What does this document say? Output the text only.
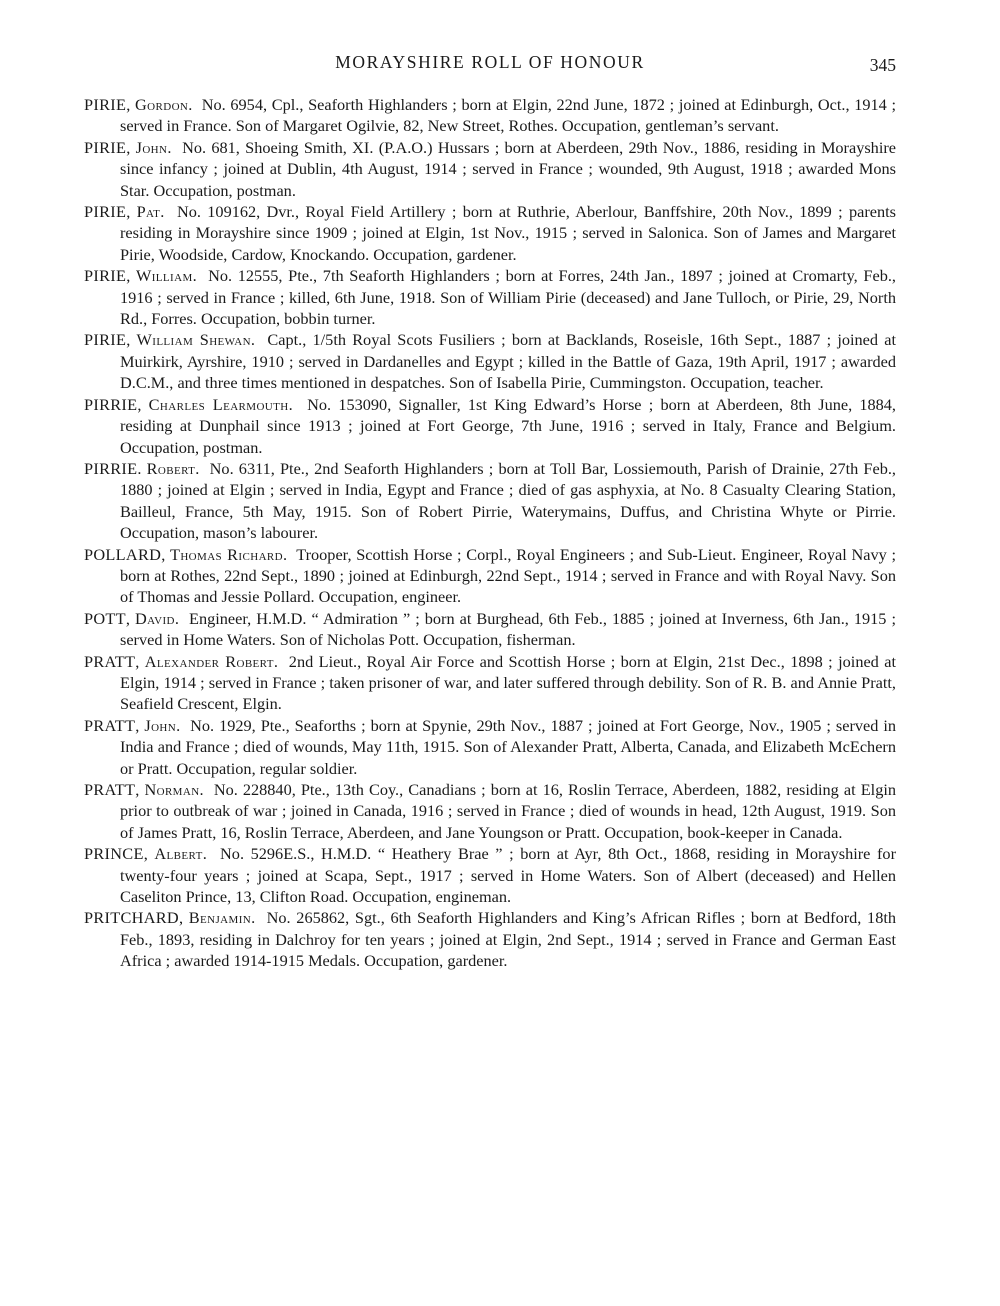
MORAYSHIRE ROLL OF HONOUR	345

PIRIE, Gordon.  No. 6954, Cpl., Seaforth Highlanders ; born at Elgin, 22nd June, 1872 ; joined at Edinburgh, Oct., 1914 ; served in France. Son of Margaret Ogilvie, 82, New Street, Rothes. Occupation, gentleman’s servant.

PIRIE, John.  No. 681, Shoeing Smith, XI. (P.A.O.) Hussars ; born at Aberdeen, 29th Nov., 1886, residing in Morayshire since infancy ; joined at Dublin, 4th August, 1914 ; served in France ; wounded, 9th August, 1918 ; awarded Mons Star. Occupation, postman.

PIRIE, Pat.  No. 109162, Dvr., Royal Field Artillery ; born at Ruthrie, Aberlour, Banffshire, 20th Nov., 1899 ; parents residing in Morayshire since 1909 ; joined at Elgin, 1st Nov., 1915 ; served in Salonica. Son of James and Margaret Pirie, Woodside, Cardow, Knockando. Occupation, gardener.

PIRIE, William.  No. 12555, Pte., 7th Seaforth Highlanders ; born at Forres, 24th Jan., 1897 ; joined at Cromarty, Feb., 1916 ; served in France ; killed, 6th June, 1918. Son of William Pirie (deceased) and Jane Tulloch, or Pirie, 29, North Rd., Forres. Occupation, bobbin turner.

PIRIE, William Shewan.  Capt., 1/5th Royal Scots Fusiliers ; born at Backlands, Roseisle, 16th Sept., 1887 ; joined at Muirkirk, Ayrshire, 1910 ; served in Dardanelles and Egypt ; killed in the Battle of Gaza, 19th April, 1917 ; awarded D.C.M., and three times mentioned in despatches. Son of Isabella Pirie, Cummingston. Occupation, teacher.

PIRRIE, Charles Learmouth.  No. 153090, Signaller, 1st King Edward’s Horse ; born at Aberdeen, 8th June, 1884, residing at Dunphail since 1913 ; joined at Fort George, 7th June, 1916 ; served in Italy, France and Belgium. Occupation, postman.

PIRRIE. Robert.  No. 6311, Pte., 2nd Seaforth Highlanders ; born at Toll Bar, Lossiemouth, Parish of Drainie, 27th Feb., 1880 ; joined at Elgin ; served in India, Egypt and France ; died of gas asphyxia, at No. 8 Casualty Clearing Station, Bailleul, France, 5th May, 1915. Son of Robert Pirrie, Waterymains, Duffus, and Christina Whyte or Pirrie. Occupation, mason’s labourer.

POLLARD, Thomas Richard.  Trooper, Scottish Horse ; Corpl., Royal Engineers ; and Sub-Lieut. Engineer, Royal Navy ; born at Rothes, 22nd Sept., 1890 ; joined at Edinburgh, 22nd Sept., 1914 ; served in France and with Royal Navy. Son of Thomas and Jessie Pollard. Occupation, engineer.

POTT, David.  Engineer, H.M.D. “ Admiration ” ; born at Burghead, 6th Feb., 1885 ; joined at Inverness, 6th Jan., 1915 ; served in Home Waters. Son of Nicholas Pott. Occupation, fisherman.

PRATT, Alexander Robert.  2nd Lieut., Royal Air Force and Scottish Horse ; born at Elgin, 21st Dec., 1898 ; joined at Elgin, 1914 ; served in France ; taken prisoner of war, and later suffered through debility. Son of R. B. and Annie Pratt, Seafield Crescent, Elgin.

PRATT, John.  No. 1929, Pte., Seaforths ; born at Spynie, 29th Nov., 1887 ; joined at Fort George, Nov., 1905 ; served in India and France ; died of wounds, May 11th, 1915. Son of Alexander Pratt, Alberta, Canada, and Elizabeth McEchern or Pratt. Occupation, regular soldier.

PRATT, Norman.  No. 228840, Pte., 13th Coy., Canadians ; born at 16, Roslin Terrace, Aberdeen, 1882, residing at Elgin prior to outbreak of war ; joined in Canada, 1916 ; served in France ; died of wounds in head, 12th August, 1919. Son of James Pratt, 16, Roslin Terrace, Aberdeen, and Jane Youngson or Pratt. Occupation, book-keeper in Canada.

PRINCE, Albert.  No. 5296E.S., H.M.D. “ Heathery Brae ” ; born at Ayr, 8th Oct., 1868, residing in Morayshire for twenty-four years ; joined at Scapa, Sept., 1917 ; served in Home Waters. Son of Albert (deceased) and Hellen Caseliton Prince, 13, Clifton Road. Occupation, engineman.

PRITCHARD, Benjamin.  No. 265862, Sgt., 6th Seaforth Highlanders and King’s African Rifles ; born at Bedford, 18th Feb., 1893, residing in Dalchroy for ten years ; joined at Elgin, 2nd Sept., 1914 ; served in France and German East Africa ; awarded 1914-1915 Medals. Occupation, gardener.
